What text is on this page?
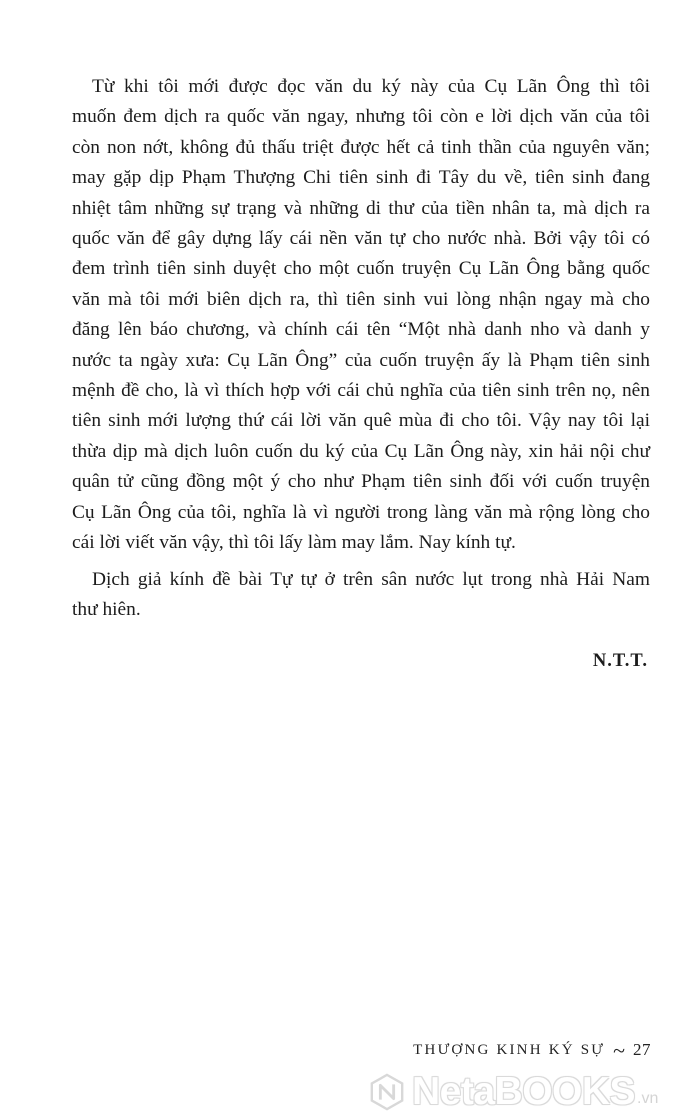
Từ khi tôi mới được đọc văn du ký này của Cụ Lãn Ông thì tôi
muốn đem dịch ra quốc văn ngay, nhưng tôi còn e lời dịch văn của tôi
còn non nớt, không đủ thấu triệt được hết cả tinh thần của nguyên văn;
may gặp dịp Phạm Thượng Chi tiên sinh đi Tây du về, tiên sinh đang
nhiệt tâm những sự trạng và những di thư của tiền nhân ta, mà dịch ra
quốc văn để gây dựng lấy cái nền văn tự cho nước nhà. Bởi vậy tôi có
đem trình tiên sinh duyệt cho một cuốn truyện Cụ Lãn Ông bằng quốc
văn mà tôi mới biên dịch ra, thì tiên sinh vui lòng nhận ngay mà cho
đăng lên báo chương, và chính cái tên “Một nhà danh nho và danh y
nước ta ngày xưa: Cụ Lãn Ông” của cuốn truyện ấy là Phạm tiên sinh
mệnh đề cho, là vì thích hợp với cái chủ nghĩa của tiên sinh trên nọ, nên
tiên sinh mới lượng thứ cái lời văn quê mùa đi cho tôi. Vậy nay tôi lại
thừa dịp mà dịch luôn cuốn du ký của Cụ Lãn Ông này, xin hải nội chư
quân tử cũng đồng một ý cho như Phạm tiên sinh đối với cuốn truyện
Cụ Lãn Ông của tôi, nghĩa là vì người trong làng văn mà rộng lòng cho
cái lời viết văn vậy, thì tôi lấy làm may lắm. Nay kính tự.

Dịch giả kính đề bài Tự tự ở trên sân nước lụt trong nhà Hải Nam
thư hiên.

N.T.T.
THƯỢNG KINH KÝ SỰ ~ 27
NetaBOOKS .vn
